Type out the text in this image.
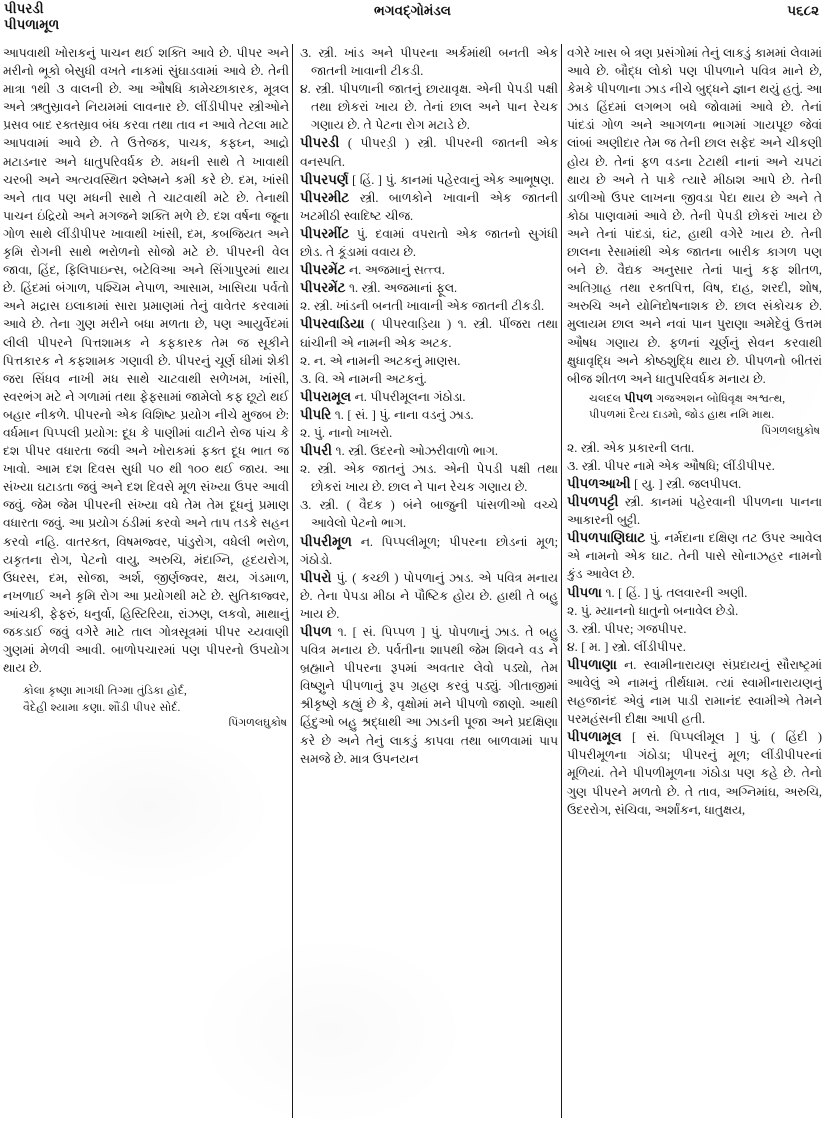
પીપરડી
પીપળામૂળ
ભગવદ્ગોમંડલ	૫૬૮૨

આપવાથી ખોરાકનું પાચન થઈ શક્તિ આવે છે. પીપર અને મરીનો ભૂકો બેસુધી વખતે નાકમાં સુંઘાડવામાં આવે છે. તેની માત્રા ૧થી ૩ વાલની છે. આ ઔષધિ કામેચ્છાકારક, મૂત્રલ અને ઋતુસ્રાવને નિયમમાં લાવનાર છે. લીંડીપીપર સ્ત્રીઓને પ્રસવ બાદ રક્તસ્રાવ બંધ કરવા તથા તાવ ન આવે તેટલા માટે આપવામાં આવે છે. તે ઉત્તેજક, પાચક, કફઘ્ન, આદ્રો મટાડનાર અને ધાતુપરિવર્ધક છે. મધની સાથે તે ખાવાથી ચરબી અને અત્યવસ્થિત શ્લેષ્મને કમી કરે છે. દમ, ખાંસી અને તાવ પણ મધની સાથે તે ચાટવાથી મટે છે. તેનાથી પાચન ઇંદ્રિયો અને મગજને શક્તિ મળે છે. દશ વર્ષના જૂના ગોળ સાથે લીંડીપીપર ખાવાથી ખાંસી, દમ, કબજિયત અને કૃમિ રોગની સાથે ભરોળનો સોજો મટે છે. પીપરની વેલ જાવા, હિંદ, ફિલિપાઇન્સ, બટેવિઆ અને સિંગાપુરમાં થાય છે. હિંદમાં બંગાળ, પશ્ચિમ નેપાળ, આસામ, ખાસિયા પર્વતો અને મદ્રાસ ઇલાકામાં સારા પ્રમાણમાં તેનું વાવેતર કરવામાં આવે છે. તેના ગુણ મરીને બધા મળતા છે, પણ આયુર્વેદમાં લીલી પીપરને પિત્તશામક ને કફકારક તેમ જ સૂકીને પિત્તકારક ને કફશામક ગણાવી છે. પીપરનું ચૂર્ણ ઘીમાં શેકી જરા સિંધવ નાખી મધ સાથે ચાટવાથી સળેખમ, ખાંસી, સ્વરભંગ મટે ને ગળામાં તથા ફેફસામાં જામેલો કફ છૂટો થઈ બહાર નીકળે. પીપરનો એક વિશિષ્ટ પ્રયોગ નીચે મુજબ છે: વર્ધમાન પિપ્પલી પ્રયોગ: દૂધ કે પાણીમાં વાટીને રોજ પાંચ કે દશ પીપર વધારતા જવી અને ખોરાકમાં ફક્ત દૂધ ભાત જ ખાવો. આમ દશ દિવસ સુધી ૫૦ થી ૧૦૦ થઈ જાય. આ સંખ્યા ઘટાડતા જવું અને દશ દિવસે મૂળ સંખ્યા ઉપર આવી જવું. જેમ જેમ પીપરની સંખ્યા વધે તેમ તેમ દૂધનું પ્રમાણ વધારતા જવું. આ પ્રયોગ ઠંડીમાં કરવો અને તાપ તડકે સહન કરવો નહિ. વાતરક્ત, વિષમજ્વર, પાંડુરોગ, વધેલી ભરોળ, યકૃતના રોગ, પેટનો વાયુ, અરુચિ, મંદાગ્નિ, હૃદયરોગ, ઉધરસ, દમ, સોજા, અર્શ, જીર્ણજ્વર, ક્ષય, ગંડમાળ, નખળાઈ અને કૃમિ રોગ આ પ્રયોગથી મટે છે. સુતિકાજ્વર, આંચકી, ફેફરું, ધનુર્વા, હિસ્ટિરિયા, રાંઝણ, લકવો, માથાનું જકડાઈ જવું વગેરે માટે તાલ ગોત્રસૂત્રમાં પીપર ચ્યવાણી ગુણમાં મેળવી આવી. બાળોપચારમાં પણ પીપરનો ઉપયોગ થાય છે.

કોલા કૃષ્ણા માગધી તિગ્મા તુંડિકા હોર્દ,
વૈદેહી શ્યામા કણા. શૌંડી પીપર સોર્દ.
પિંગળલઘુકોષ

૩. સ્ત્રી. ખાંડ અને પીપરના અર્કમાંથી બનતી એક જાતની ખાવાની ટીકડી.

૪. સ્ત્રી. પીપળાની જાતનું છાયાવૃક્ષ. એની પેપડી પક્ષી તથા છોકરાં ખાય છે. તેનાં છાલ અને પાન રેચક ગણાય છે. તે પેટના રોગ મટાડે છે.

પીપરડી ( પીપરડ઼ી ) સ્ત્રી. પીપરની જાતની એક વનસ્પતિ.

પીપરપર્ણ [ હિં. ] પું. કાનમાં પહેરવાનું એક આભૂષણ.

પીપરમીટ સ્ત્રી. બાળકોને ખાવાની એક જાતની ખટમીઠી સ્વાદિષ્ટ ચીજ.

પીપરમીંટ પું. દવામાં વપરાતો એક જાતનો સુગંધી છોડ. તે કૂંડામાં વવાય છે.

પીપરમેંટ ન. અજમાનું સત્ત્વ.

પીપરમેંટ ૧. સ્ત્રી. અજમાનાં ફૂલ.

૨. સ્ત્રી. ખાંડની બનતી ખાવાની એક જાતની ટીકડી.

પીપરવાડિયા ( પીપરવાડ઼િયા ) ૧. સ્ત્રી. પીંજરા તથા ઘાંચીની એ નામની એક અટક.

૨. ન. એ નામની અટકનું માણસ.

૩. વિ. એ નામની અટકનું.

પીપરામૂલ ન. પીપરીમૂલના ગંઠોડા.

પીપરિ ૧. [ સં. ] પું. નાના વડનું ઝાડ.

૨. પું. નાનો ખાખરો.

પીપરી ૧. સ્ત્રી. ઉદરનો ઓઝરીવાળો ભાગ.

૨. સ્ત્રી. એક જાતનું ઝાડ. એની પેપડી પક્ષી તથા છોકરાં ખાય છે. છાલ ને પાન રેચક ગણાય છે.

૩. સ્ત્રી. ( વૈદક ) બંને બાજુની પાંસળીઓ વચ્ચે આવેલો પેટનો ભાગ.

પીપરીમૂળ ન. પિપ્પલીમૂળ; પીપરના છોડનાં મૂળ; ગંઠોડો.

પીપરો પું. ( કચ્છી ) પોપળાનું ઝાડ. એ પવિત્ર મનાય છે. તેના પેપડા મીઠા ને પૌષ્ટિક હોય છે. હાથી તે બહુ ખાય છે.

પીપળ ૧. [ સં. પિપ્પળ ] પું. પોપળાનું ઝાડ. તે બહુ પવિત્ર મનાય છે. પર્વતીના શાપથી જેમ શિવને વડ ને બ્રહ્માને પીપરના રૂપમાં અવતાર લેવો પડ્યો, તેમ વિષ્ણુને પીપળાનું રૂપ ગ્રહણ કરવું પડ્યું. ગીતાજીમાં શ્રીકૃષ્ણે કહ્યું છે કે, વૃક્ષોમાં મને પીપળો જાણો. આથી હિંદુઓ બહુ શ્રદ્ધાથી આ ઝાડની પૂજા અને પ્રદક્ષિણા કરે છે અને તેનું લાકડું કાપવા તથા બાળવામાં પાપ સમજે છે. માત્ર ઉપનયન

વગેરે ખાસ બે ત્રણ પ્રસંગોમાં તેનું લાકડું કામમાં લેવામાં આવે છે. બૌદ્ધ લોકો પણ પીપળાને પવિત્ર માને છે, કેમકે પીપળાના ઝાડ નીચે બુદ્ધને જ્ઞાન થયું હતું. આ ઝાડ હિંદમાં લગભગ બધે જોવામાં આવે છે. તેનાં પાંદડાં ગોળ અને આગળના ભાગમાં ગાયપૂછ જેવાં લાંબાં અણીદાર તેમ જ તેની છાલ સફેદ અને ચીકણી હોય છે. તેનાં ફળ વડના ટેટાથી નાનાં અને ચપટાં થાય છે અને તે પાકે ત્યારે મીઠાશ આપે છે. તેની ડાળીઓ ઉપર લાખના જીવડા પેદા થાય છે અને તે કોઠા પાણવામાં આવે છે. તેની પેપડી છોકરાં ખાય છે અને તેનાં પાંદડાં, ઘંટ, હાથી વગેરે ખાય છે. તેની છાલના રેસામાંથી એક જાતના બારીક કાગળ પણ બને છે. વૈદ્યક અનુસાર તેનાં પાનું કફ શીતળ, અતિગ્રાહ તથા રક્તપિત્ત, વિષ, દાહ, શરદી, શોષ, અરુચિ અને યોનિદોષનાશક છે. છાલ સંકોચક છે. મુલાયમ છાલ અને નવાં પાન પુરાણા અમેદેવું ઉત્તમ ઔષધ ગણાય છે. ફળનાં ચૂર્ણનું સેવન કરવાથી ક્ષુધાવૃદ્ધિ અને કોષ્ઠશુદ્ધિ થાય છે. પીપળનો બીતરાં બીજ શીતળ અને ધાતુપરિવર્ધક મનાય છે.

ચલદલ પીપળ ગજઅશન બોધિવૃક્ષ અશ્વત્થ,
પીપળમાં દૈત્ય દાડમો, જોડ હાથ નમિ માથ.
પિંગળલઘુકોષ

૨. સ્ત્રી. એક પ્રકારની લતા.

૩. સ્ત્રી. પીપર નામે એક ઔષધિ; લીંડીપીપર.

પીપળઆખી [ યુ. ] સ્ત્રી. જલપીપલ.

પીપળપટ્ટી સ્ત્રી. કાનમાં પહેરવાની પીપળના પાનના આકારની બુટ્ટી.

પીપળપાણિઘાટ પું. નર્મદાના દક્ષિણ તટ ઉપર આવેલ એ નામનો એક ઘાટ. તેની પાસે સોનાઝહર નામનો કુંડ આવેલ છે.

પીપળા ૧. [ હિં. ] પું. તલવારની અણી.

૨. પું. મ્યાનનો ધાતુનો બનાવેલ છેડો.

૩. સ્ત્રી. પીપર; ગજપીપર.

૪. [ મ. ] સ્ત્રો. લીંડીપીપર.

પીપળાણા ન. સ્વામીનારાયણ સંપ્રદાયનું સૌરાષ્ટ્રમાં આવેલું એ નામનું તીર્થધામ. ત્યાં સ્વામીનારાયણનું સહજાનંદ એવું નામ પાડી રામાનંદ સ્વામીએ તેમને પરમહંસની દીક્ષા આપી હતી.

પીપળામૂલ [ સં. પિપ્પલીમૂલ ] પું. ( હિંદી ) પીપરીમૂળના ગંઠોડા; પીપરનું મૂળ; લીંડીપીપરનાં મૂળિયાં. તેને પીપળીમૂળના ગંઠોડા પણ કહે છે. તેનો ગુણ પીપરને મળતો છે. તે તાવ, અગ્નિમાંઘ, અરુચિ, ઉદરરોગ, સંચિવા, અર્શાંકન, ધાતુક્ષય,
